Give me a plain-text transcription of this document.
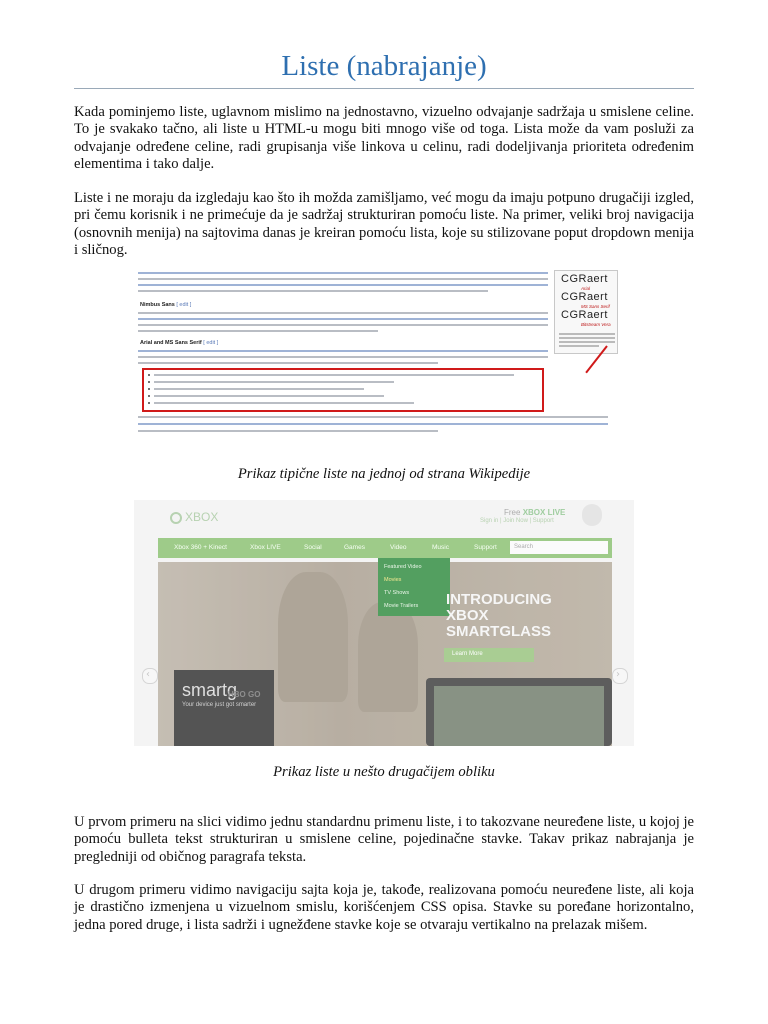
Liste (nabrajanje)

Kada pominjemo liste, uglavnom mislimo na jednostavno, vizuelno odvajanje sadržaja u smislene celine. To je svakako tačno, ali liste u HTML-u mogu biti mnogo više od toga. Lista može da vam posluži za odvajanje određene celine, radi grupisanja više linkova u celinu, radi dodeljivanja prioriteta određenim elementima i tako dalje.

Liste i ne moraju da izgledaju kao što ih možda zamišljamo, već mogu da imaju potpuno drugačiji izgled, pri čemu korisnik i ne primećuje da je sadržaj strukturiran pomoću liste. Na primer, veliki broj navigacija (osnovnih menija) na sajtovima danas je kreiran pomoću lista, koje su stilizovane poput dropdown menija i sličnog.

Nimbus Sans [ edit ]
Arial and MS Sans Serif [ edit ]
CGRaert
Arial
CGRaert
MS Sans Serif
CGRaert
Bitstream Vera

Prikaz tipične liste na jednoj od strana Wikipedije

XBOX	Free XBOX LIVE
Sign in | Join Now | Support
Xbox 360 + Kinect	Xbox LIVE	Social	Games	Video	Music	Support	Search
Featured Video
Movies
TV Shows
Movie Trailers INTRODUCING
XBOX
SMARTGLASS
Learn More
smartg
Your device just got smarter
HBO GO
‹	›

Prikaz liste u nešto drugačijem obliku

U prvom primeru na slici vidimo jednu standardnu primenu liste, i to takozvane neuređene liste, u kojoj je pomoću bulleta tekst strukturiran u smislene celine, pojedinačne stavke. Takav prikaz nabrajanja je pregledniji od običnog paragrafa teksta.

U drugom primeru vidimo navigaciju sajta koja je, takođe, realizovana pomoću neuređene liste, ali koja je drastično izmenjena u vizuelnom smislu, korišćenjem CSS opisa. Stavke su poređane horizontalno, jedna pored druge, i lista sadrži i ugnežđene stavke koje se otvaraju vertikalno na prelazak mišem.
